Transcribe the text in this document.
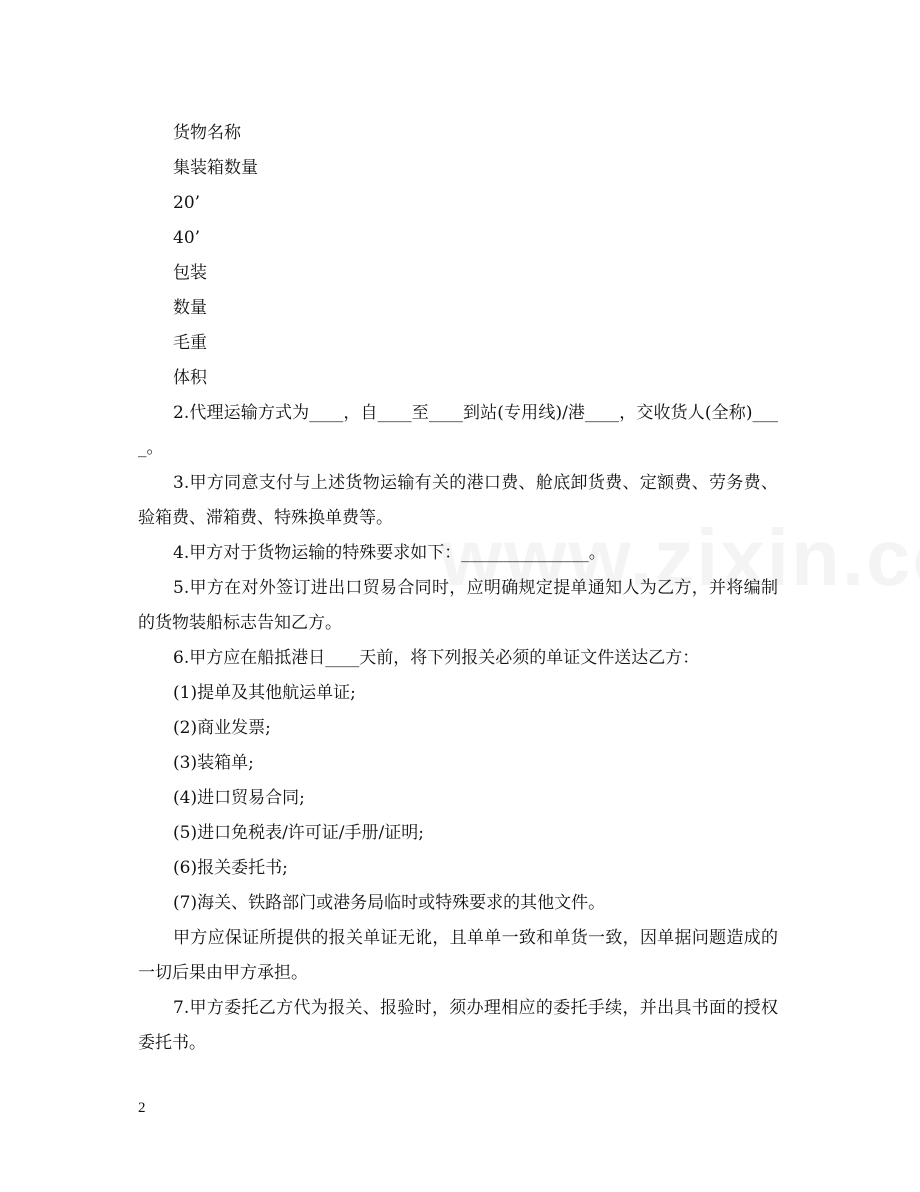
货物名称
集装箱数量
20’
40’
包装
数量
毛重
体积
2.代理运输方式为____，自____至____到站(专用线)/港____，交收货人(全称)____。
3.甲方同意支付与上述货物运输有关的港口费、舱底卸货费、定额费、劳务费、验箱费、滞箱费、特殊换单费等。
4.甲方对于货物运输的特殊要求如下：_______________。
5.甲方在对外签订进出口贸易合同时，应明确规定提单通知人为乙方，并将编制的货物装船标志告知乙方。
6.甲方应在船抵港日____天前，将下列报关必须的单证文件送达乙方：
(1)提单及其他航运单证;
(2)商业发票;
(3)装箱单;
(4)进口贸易合同;
(5)进口免税表/许可证/手册/证明;
(6)报关委托书;
(7)海关、铁路部门或港务局临时或特殊要求的其他文件。
甲方应保证所提供的报关单证无讹，且单单一致和单货一致，因单据问题造成的一切后果由甲方承担。
7.甲方委托乙方代为报关、报验时，须办理相应的委托手续，并出具书面的授权委托书。
2
